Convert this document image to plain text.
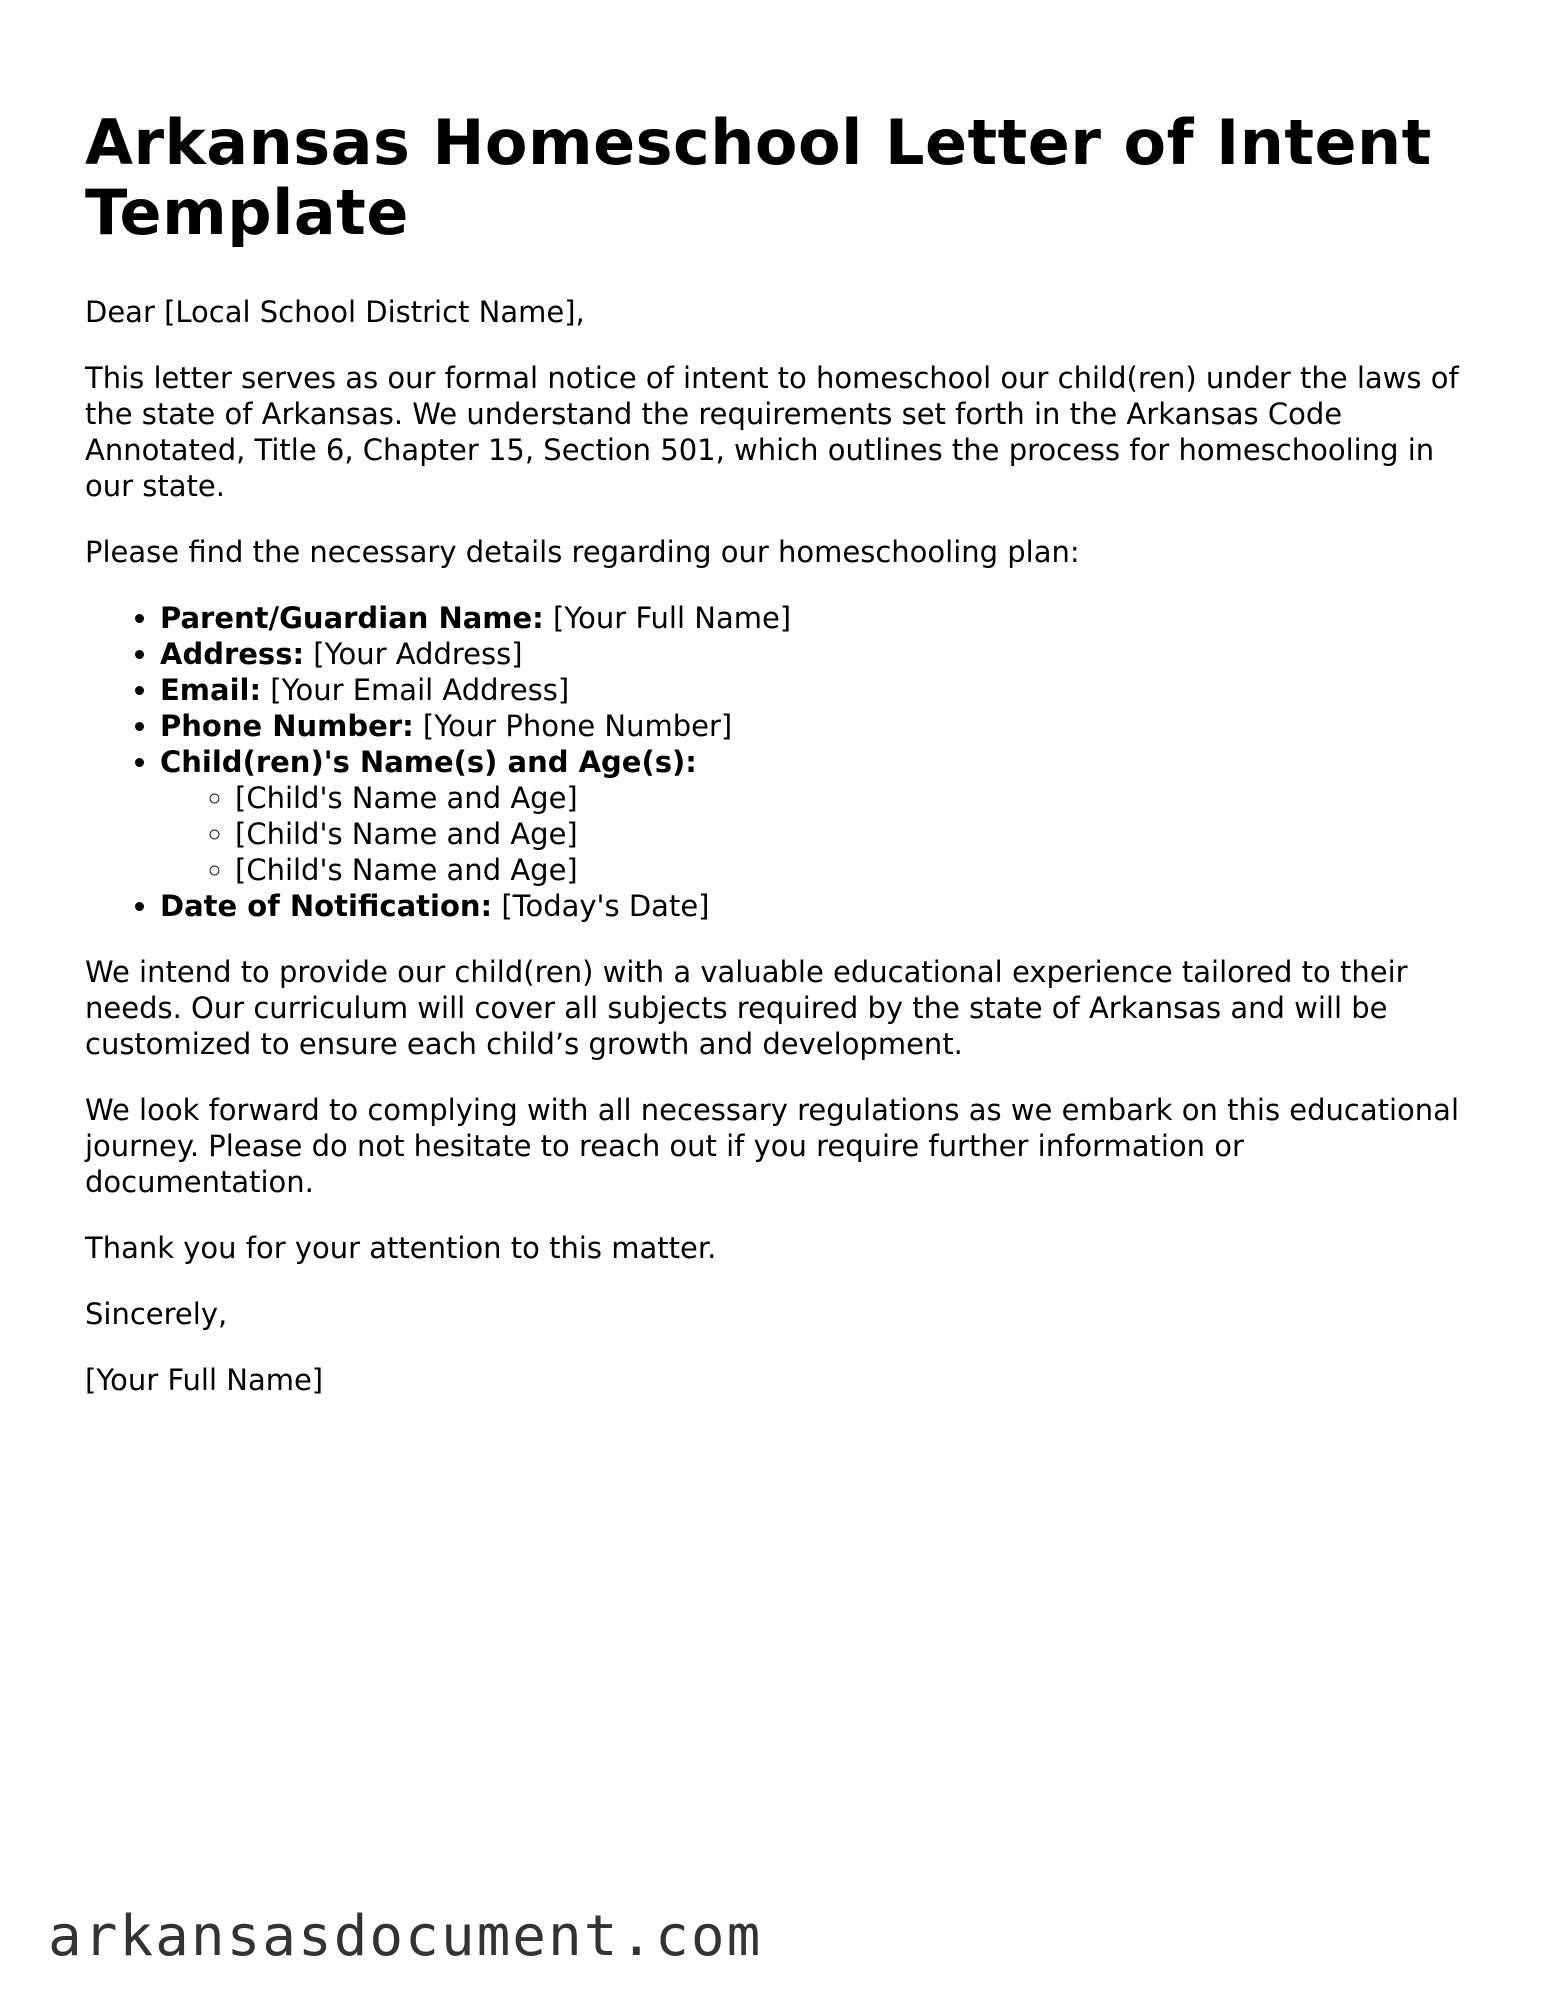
Arkansas Homeschool Letter of Intent Template

Dear [Local School District Name],

This letter serves as our formal notice of intent to homeschool our child(ren) under the laws of the state of Arkansas. We understand the requirements set forth in the Arkansas Code Annotated, Title 6, Chapter 15, Section 501, which outlines the process for homeschooling in our state.

Please find the necessary details regarding our homeschooling plan:

• Parent/Guardian Name: [Your Full Name]
• Address: [Your Address]
• Email: [Your Email Address]
• Phone Number: [Your Phone Number]
• Child(ren)'s Name(s) and Age(s):
◦ [Child's Name and Age]
◦ [Child's Name and Age]
◦ [Child's Name and Age]
• Date of Notification: [Today's Date]

We intend to provide our child(ren) with a valuable educational experience tailored to their needs. Our curriculum will cover all subjects required by the state of Arkansas and will be customized to ensure each child’s growth and development.

We look forward to complying with all necessary regulations as we embark on this educational journey. Please do not hesitate to reach out if you require further information or documentation.

Thank you for your attention to this matter.

Sincerely,

[Your Full Name]

arkansasdocument.com
